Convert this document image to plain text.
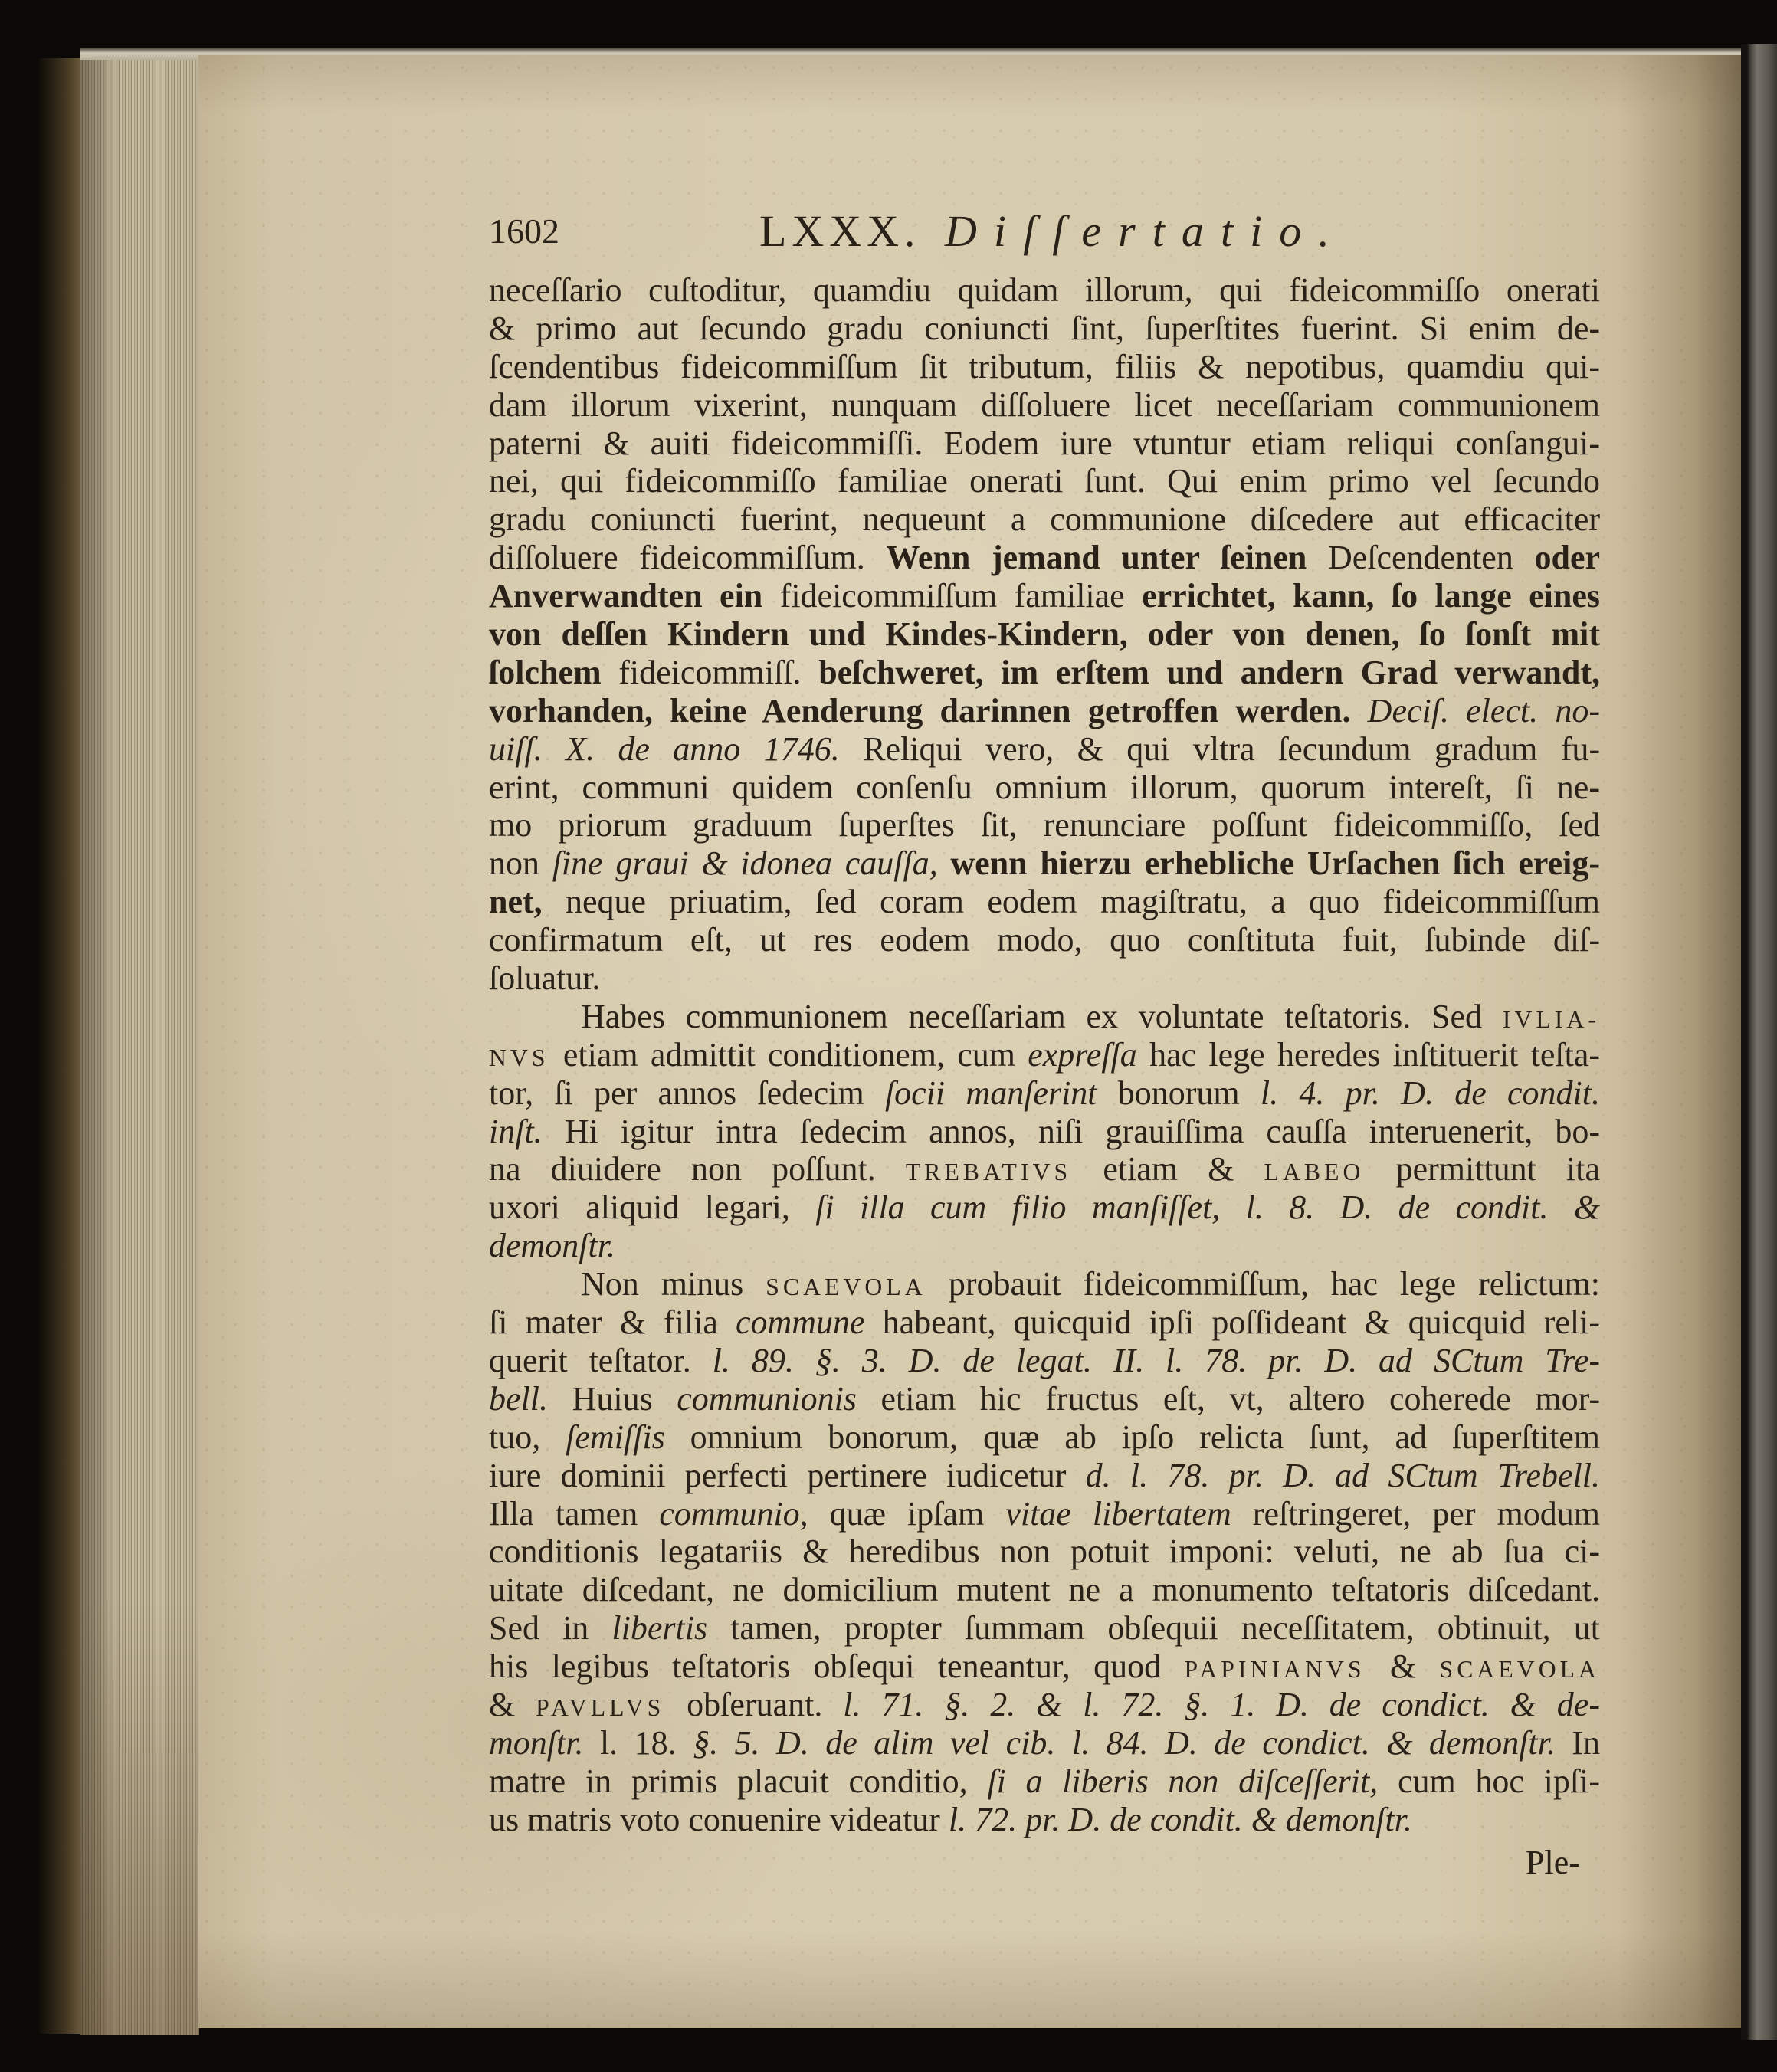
1602	LXXX. Diſſertatio.
neceſſario cuſtoditur, quamdiu quidam illorum, qui fideicommiſſo onerati
& primo aut ſecundo gradu coniuncti ſint, ſuperſtites fuerint. Si enim de-
ſcendentibus fideicommiſſum ſit tributum, filiis & nepotibus, quamdiu qui-
dam illorum vixerint, nunquam diſſoluere licet neceſſariam communionem
paterni & auiti fideicommiſſi. Eodem iure vtuntur etiam reliqui conſangui-
nei, qui fideicommiſſo familiae onerati ſunt. Qui enim primo vel ſecundo
gradu coniuncti fuerint, nequeunt a communione diſcedere aut efficaciter
diſſoluere fideicommiſſum. Wenn jemand unter ſeinen Deſcendenten oder
Anverwandten ein fideicommiſſum familiae errichtet, kann, ſo lange eines
von deſſen Kindern und Kindes-Kindern, oder von denen, ſo ſonſt mit
ſolchem fideicommiſſ. beſchweret, im erſtem und andern Grad verwandt,
vorhanden, keine Aenderung darinnen getroffen werden. Deciſ. elect. no-
uiſſ. X. de anno 1746. Reliqui vero, & qui vltra ſecundum gradum fu-
erint, communi quidem conſenſu omnium illorum, quorum intereſt, ſi ne-
mo priorum graduum ſuperſtes ſit, renunciare poſſunt fideicommiſſo, ſed
non ſine graui & idonea cauſſa, wenn hierzu erhebliche Urſachen ſich ereig-
net, neque priuatim, ſed coram eodem magiſtratu, a quo fideicommiſſum
confirmatum eſt, ut res eodem modo, quo conſtituta fuit, ſubinde diſ-
ſoluatur.
Habes communionem neceſſariam ex voluntate teſtatoris. Sed IVLIA-
NVS etiam admittit conditionem, cum expreſſa hac lege heredes inſtituerit teſta-
tor, ſi per annos ſedecim ſocii manſerint bonorum l. 4. pr. D. de condit.
inſt. Hi igitur intra ſedecim annos, niſi grauiſſima cauſſa interuenerit, bo-
na diuidere non poſſunt. TREBATIVS etiam & LABEO permittunt ita
uxori aliquid legari, ſi illa cum filio manſiſſet, l. 8. D. de condit. &
demonſtr.
Non minus SCAEVOLA probauit fideicommiſſum, hac lege relictum:
ſi mater & filia commune habeant, quicquid ipſi poſſideant & quicquid reli-
querit teſtator. l. 89. §. 3. D. de legat. II. l. 78. pr. D. ad SCtum Tre-
bell. Huius communionis etiam hic fructus eſt, vt, altero coherede mor-
tuo, ſemiſſis omnium bonorum, quæ ab ipſo relicta ſunt, ad ſuperſtitem
iure dominii perfecti pertinere iudicetur d. l. 78. pr. D. ad SCtum Trebell.
Illa tamen communio, quæ ipſam vitae libertatem reſtringeret, per modum
conditionis legatariis & heredibus non potuit imponi: veluti, ne ab ſua ci-
uitate diſcedant, ne domicilium mutent ne a monumento teſtatoris diſcedant.
Sed in libertis tamen, propter ſummam obſequii neceſſitatem, obtinuit, ut
his legibus teſtatoris obſequi teneantur, quod PAPINIANVS & SCAEVOLA
& PAVLLVS obſeruant. l. 71. §. 2. & l. 72. §. 1. D. de condict. & de-
monſtr. l. 18. §. 5. D. de alim vel cib. l. 84. D. de condict. & demonſtr. In
matre in primis placuit conditio, ſi a liberis non diſceſſerit, cum hoc ipſi-
us matris voto conuenire videatur l. 72. pr. D. de condit. & demonſtr.
Ple-
